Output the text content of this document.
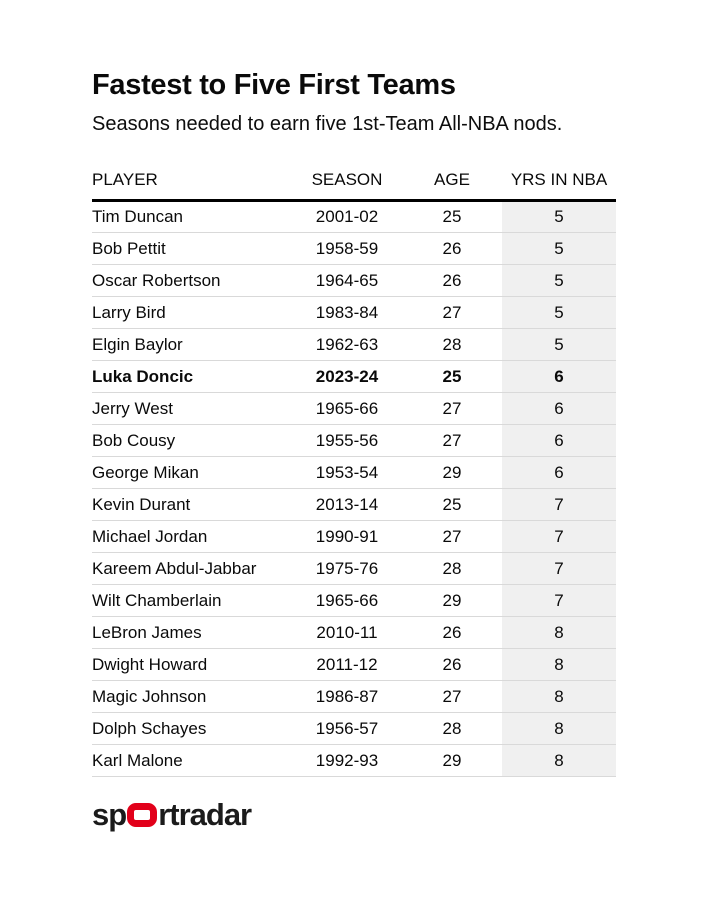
Fastest to Five First Teams

Seasons needed to earn five 1st-Team All-NBA nods.

PLAYER	SEASON	AGE	YRS IN NBA
Tim Duncan	2001-02	25	5
Bob Pettit	1958-59	26	5
Oscar Robertson	1964-65	26	5
Larry Bird	1983-84	27	5
Elgin Baylor	1962-63	28	5
Luka Doncic	2023-24	25	6
Jerry West	1965-66	27	6
Bob Cousy	1955-56	27	6
George Mikan	1953-54	29	6
Kevin Durant	2013-14	25	7
Michael Jordan	1990-91	27	7
Kareem Abdul-Jabbar	1975-76	28	7
Wilt Chamberlain	1965-66	29	7
LeBron James	2010-11	26	8
Dwight Howard	2011-12	26	8
Magic Johnson	1986-87	27	8
Dolph Schayes	1956-57	28	8
Karl Malone	1992-93	29	8
sp rtradar
